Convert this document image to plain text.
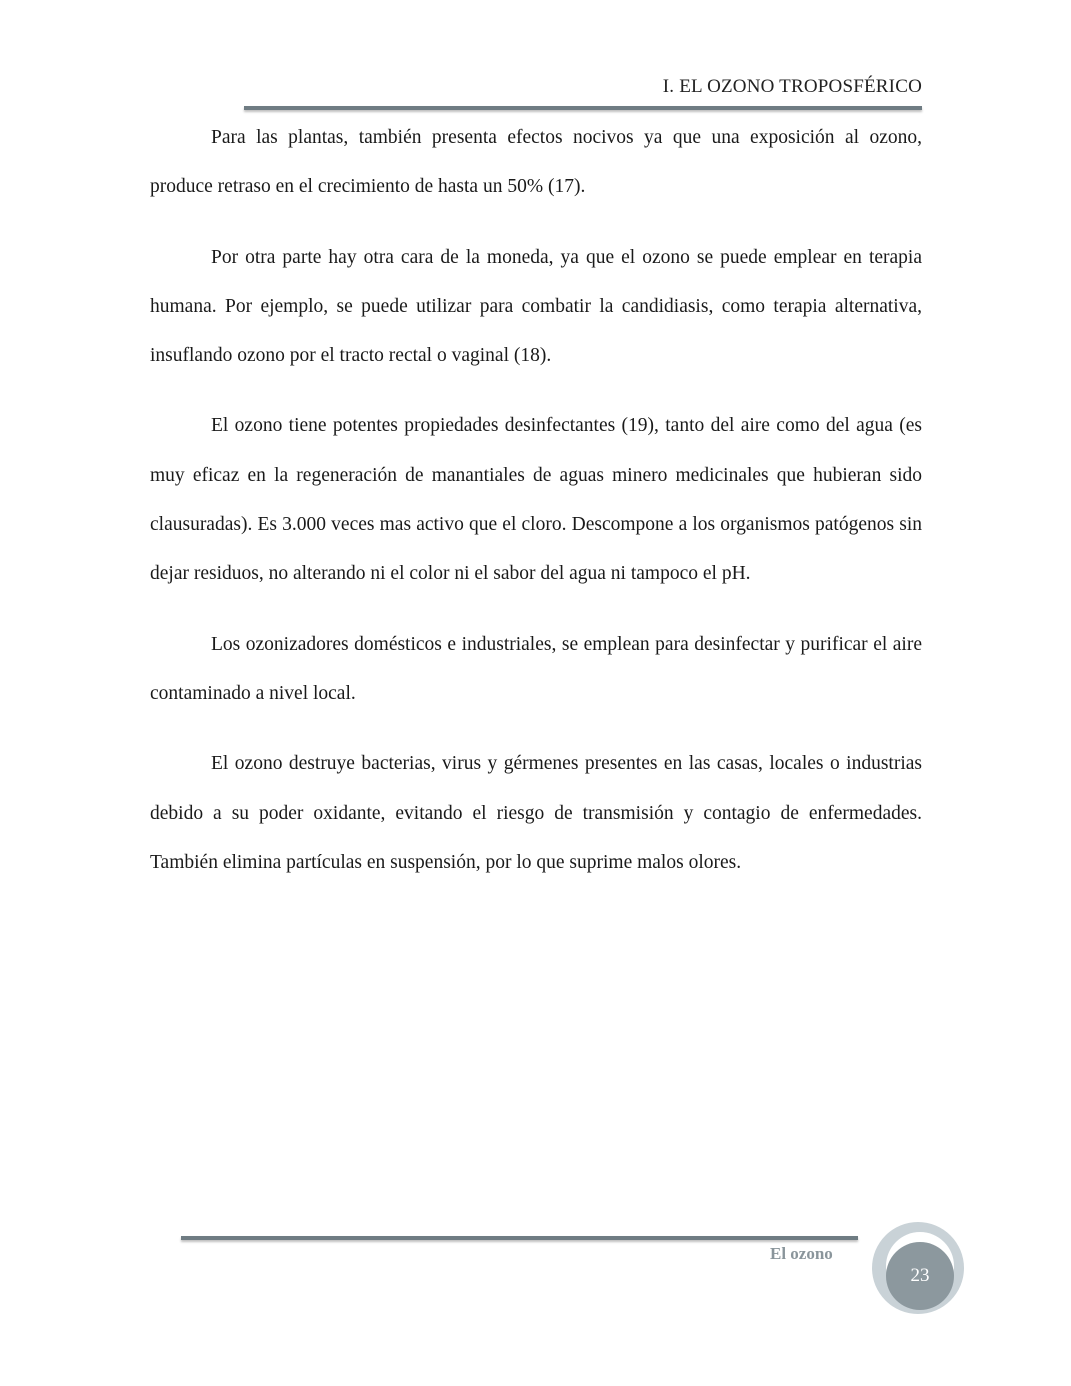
I. EL OZONO TROPOSFÉRICO

Para las plantas, también presenta efectos nocivos ya que una exposición al ozono, produce retraso en el crecimiento de hasta un 50% (17).

Por otra parte hay otra cara de la moneda, ya que el ozono se puede emplear en terapia humana. Por ejemplo, se puede utilizar para combatir la candidiasis, como terapia alternativa, insuflando ozono por el tracto rectal o vaginal (18).

El ozono tiene potentes propiedades desinfectantes (19), tanto del aire como del agua (es muy eficaz en la regeneración de manantiales de aguas minero medicinales que hubieran sido clausuradas). Es 3.000 veces mas activo que el cloro. Descompone a los organismos patógenos sin dejar residuos, no alterando ni el color ni el sabor del agua ni tampoco el pH.

Los ozonizadores domésticos e industriales, se emplean para desinfectar y purificar el aire contaminado a nivel local.

El ozono destruye bacterias, virus y gérmenes presentes en las casas, locales o industrias debido a su poder oxidante, evitando el riesgo de transmisión y contagio de enfermedades. También elimina partículas en suspensión, por lo que suprime malos olores.

El ozono
23
